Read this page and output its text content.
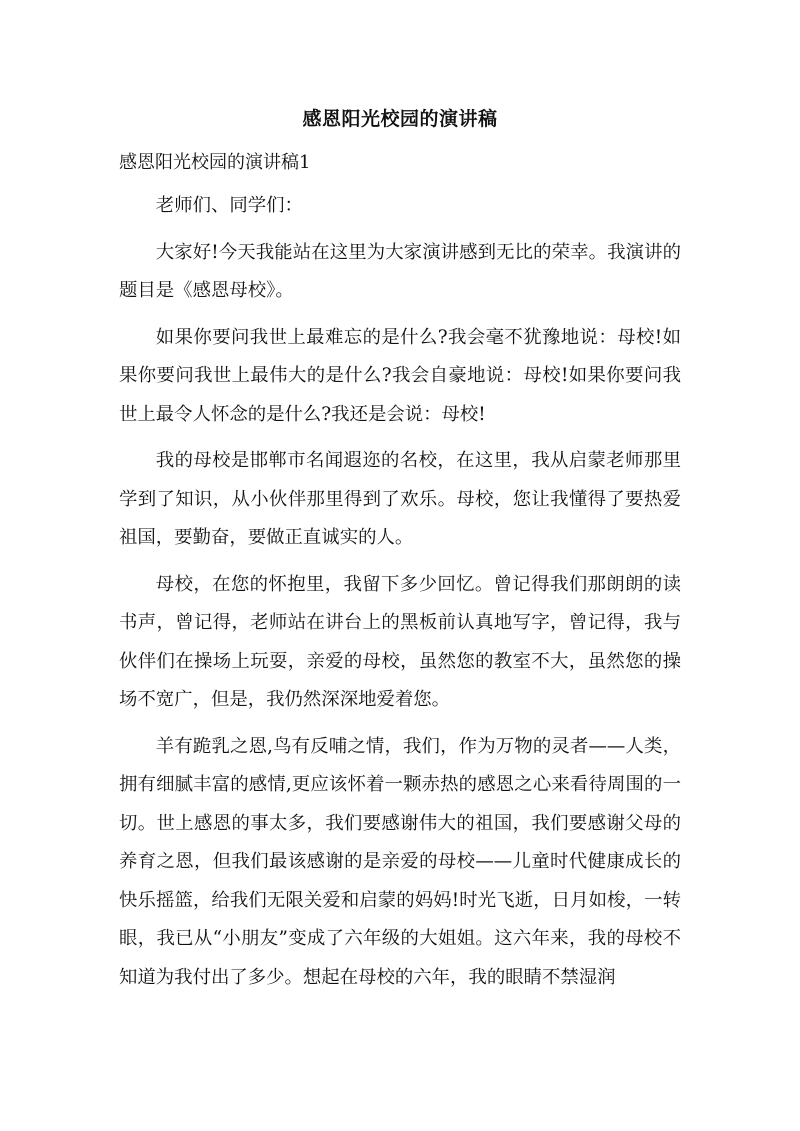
感恩阳光校园的演讲稿
感恩阳光校园的演讲稿1

老师们、同学们：

大家好!今天我能站在这里为大家演讲感到无比的荣幸。我演讲的题目是《感恩母校》。

如果你要问我世上最难忘的是什么?我会毫不犹豫地说：母校!如果你要问我世上最伟大的是什么?我会自豪地说：母校!如果你要问我世上最令人怀念的是什么?我还是会说：母校!

我的母校是邯郸市名闻遐迩的名校，在这里，我从启蒙老师那里学到了知识，从小伙伴那里得到了欢乐。母校，您让我懂得了要热爱祖国，要勤奋，要做正直诚实的人。

母校，在您的怀抱里，我留下多少回忆。曾记得我们那朗朗的读书声，曾记得，老师站在讲台上的黑板前认真地写字，曾记得，我与伙伴们在操场上玩耍，亲爱的母校，虽然您的教室不大，虽然您的操场不宽广，但是，我仍然深深地爱着您。

羊有跪乳之恩,鸟有反哺之情，我们，作为万物的灵者——人类，拥有细腻丰富的感情,更应该怀着一颗赤热的感恩之心来看待周围的一切。世上感恩的事太多，我们要感谢伟大的祖国，我们要感谢父母的养育之恩，但我们最该感谢的是亲爱的母校——儿童时代健康成长的快乐摇篮，给我们无限关爱和启蒙的妈妈!时光飞逝，日月如梭，一转眼，我已从“小朋友”变成了六年级的大姐姐。这六年来，我的母校不知道为我付出了多少。想起在母校的六年，我的眼睛不禁湿润
